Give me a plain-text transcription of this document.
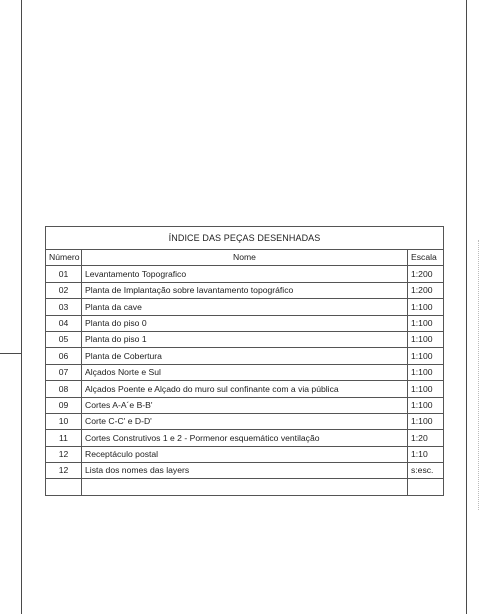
ÍNDICE DAS PEÇAS DESENHADAS		
Número	Nome	Escala
01	Levantamento Topografico	1:200
02	Planta de Implantação sobre lavantamento topográfico	1:200
03	Planta da cave	1:100
04	Planta do piso 0	1:100
05	Planta do piso 1	1:100
06	Planta de Cobertura	1:100
07	Alçados Norte e Sul	1:100
08	Alçados Poente e Alçado do muro sul confinante com a via pública	1:100
09	Cortes A-A´e B-B'	1:100
10	Corte C-C' e D-D'	1:100
11	Cortes Construtivos 1 e 2 - Pormenor esquemático ventilação	1:20
12	Receptáculo postal	1:10
12	Lista dos nomes das layers	s:esc.
